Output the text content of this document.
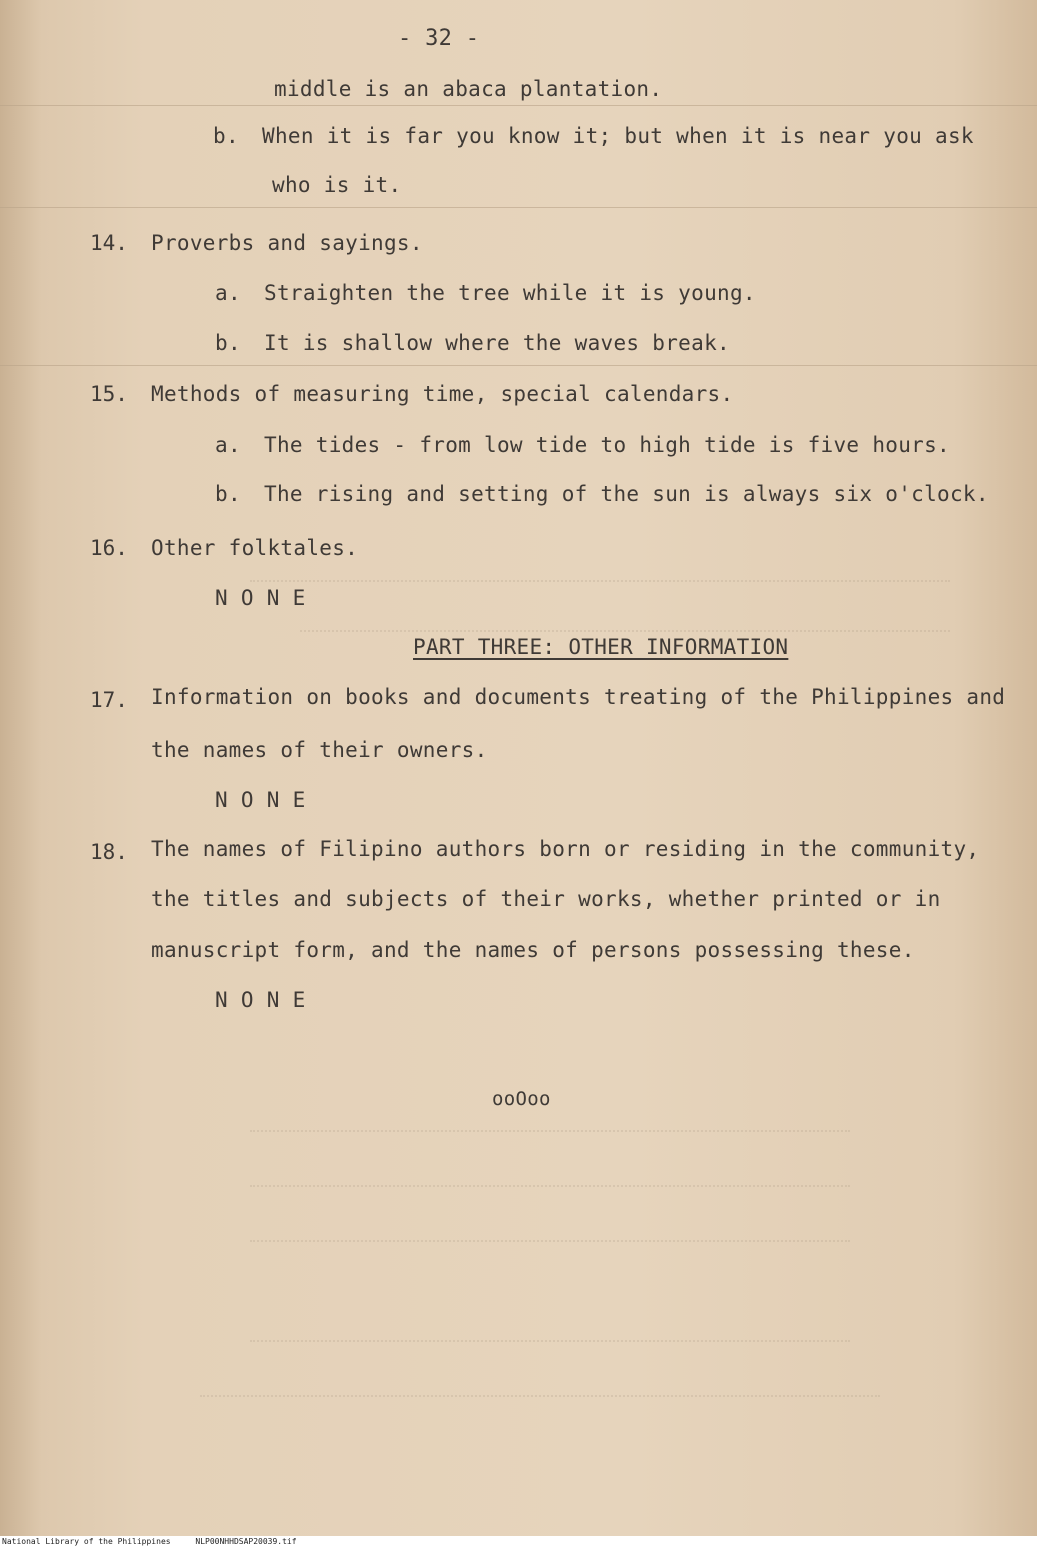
- 32 -
middle is an abaca plantation.
b. When it is far you know it; but when it is near you ask
who is it.
14. Proverbs and sayings.
a. Straighten the tree while it is young.
b. It is shallow where the waves break.
15. Methods of measuring time, special calendars.
a. The tides - from low tide to high tide is five hours.
b. The rising and setting of the sun is always six o'clock.
16. Other folktales.
N O N E
PART THREE: OTHER INFORMATION
17. Information on books and documents treating of the Philippines and
the names of their owners.
N O N E
18. The names of Filipino authors born or residing in the community,
the titles and subjects of their works, whether printed or in
manuscript form, and the names of persons possessing these.
N O N E
ooOoo
National Library of the Philippines	NLP00NHHDSAP20039.tif
